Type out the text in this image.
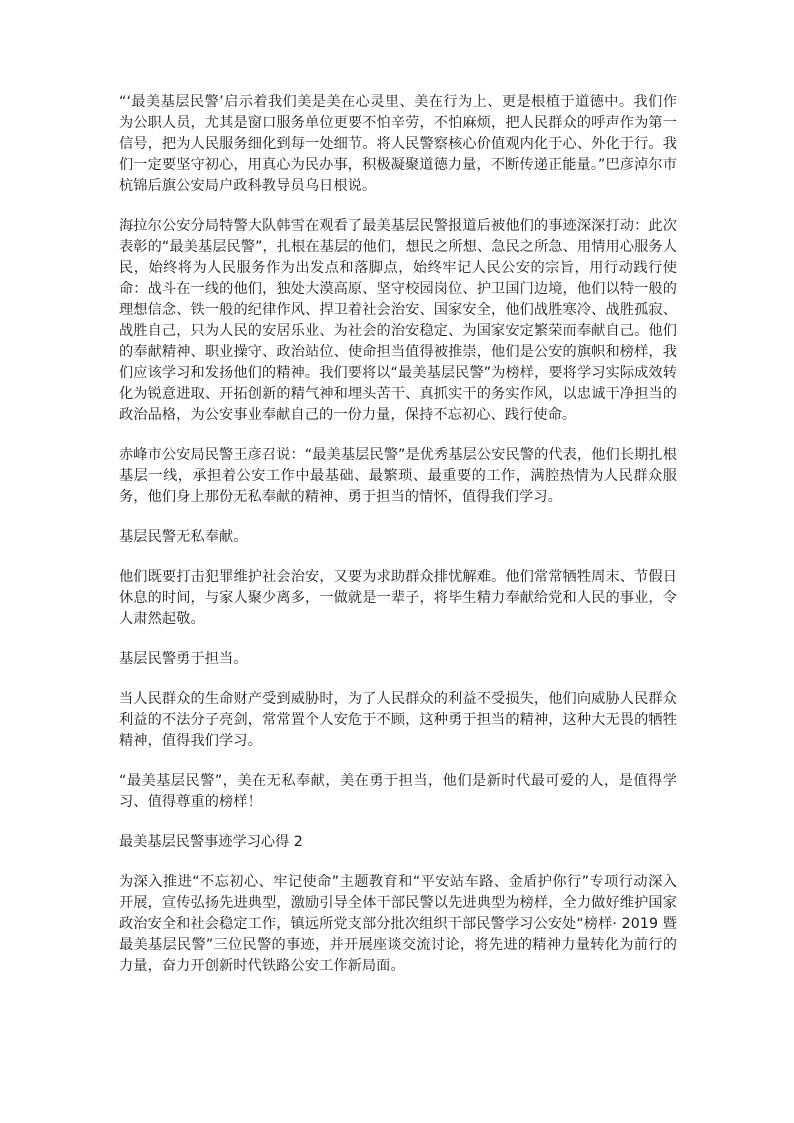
“‘最美基层民警’启示着我们美是美在心灵里、美在行为上、更是根植于道德中。我们作为公职人员，尤其是窗口服务单位更要不怕辛劳，不怕麻烦，把人民群众的呼声作为第一信号，把为人民服务细化到每一处细节。将人民警察核心价值观内化于心、外化于行。我们一定要坚守初心，用真心为民办事，积极凝聚道德力量，不断传递正能量。”巴彦淖尔市杭锦后旗公安局户政科教导员乌日根说。

海拉尔公安分局特警大队韩雪在观看了最美基层民警报道后被他们的事迹深深打动：此次表彰的“最美基层民警”，扎根在基层的他们，想民之所想、急民之所急、用情用心服务人民，始终将为人民服务作为出发点和落脚点，始终牢记人民公安的宗旨，用行动践行使命：战斗在一线的他们，独处大漠高原、坚守校园岗位、护卫国门边境，他们以特一般的理想信念、铁一般的纪律作风、捍卫着社会治安、国家安全，他们战胜寒冷、战胜孤寂、战胜自己，只为人民的安居乐业、为社会的治安稳定、为国家安定繁荣而奉献自己。他们的奉献精神、职业操守、政治站位、使命担当值得被推崇，他们是公安的旗帜和榜样，我们应该学习和发扬他们的精神。我们要将以“最美基层民警”为榜样，要将学习实际成效转化为锐意进取、开拓创新的精气神和埋头苦干、真抓实干的务实作风，以忠诚干净担当的政治品格，为公安事业奉献自己的一份力量，保持不忘初心、践行使命。

赤峰市公安局民警王彦召说：“最美基层民警”是优秀基层公安民警的代表，他们长期扎根基层一线，承担着公安工作中最基础、最繁琐、最重要的工作，满腔热情为人民群众服务，他们身上那份无私奉献的精神、勇于担当的情怀，值得我们学习。

基层民警无私奉献。

他们既要打击犯罪维护社会治安，又要为求助群众排忧解难。他们常常牺牲周末、节假日休息的时间，与家人聚少离多，一做就是一辈子，将毕生精力奉献给党和人民的事业，令人肃然起敬。

基层民警勇于担当。

当人民群众的生命财产受到威胁时，为了人民群众的利益不受损失，他们向威胁人民群众利益的不法分子亮剑，常常置个人安危于不顾，这种勇于担当的精神，这种大无畏的牺牲精神，值得我们学习。

“最美基层民警”，美在无私奉献，美在勇于担当，他们是新时代最可爱的人，是值得学习、值得尊重的榜样！

最美基层民警事迹学习心得 2

为深入推进“不忘初心、牢记使命”主题教育和“平安站车路、金盾护你行”专项行动深入开展，宣传弘扬先进典型，激励引导全体干部民警以先进典型为榜样，全力做好维护国家政治安全和社会稳定工作，镇远所党支部分批次组织干部民警学习公安处“榜样· 2019 暨最美基层民警”三位民警的事迹，并开展座谈交流讨论，将先进的精神力量转化为前行的力量，奋力开创新时代铁路公安工作新局面。
